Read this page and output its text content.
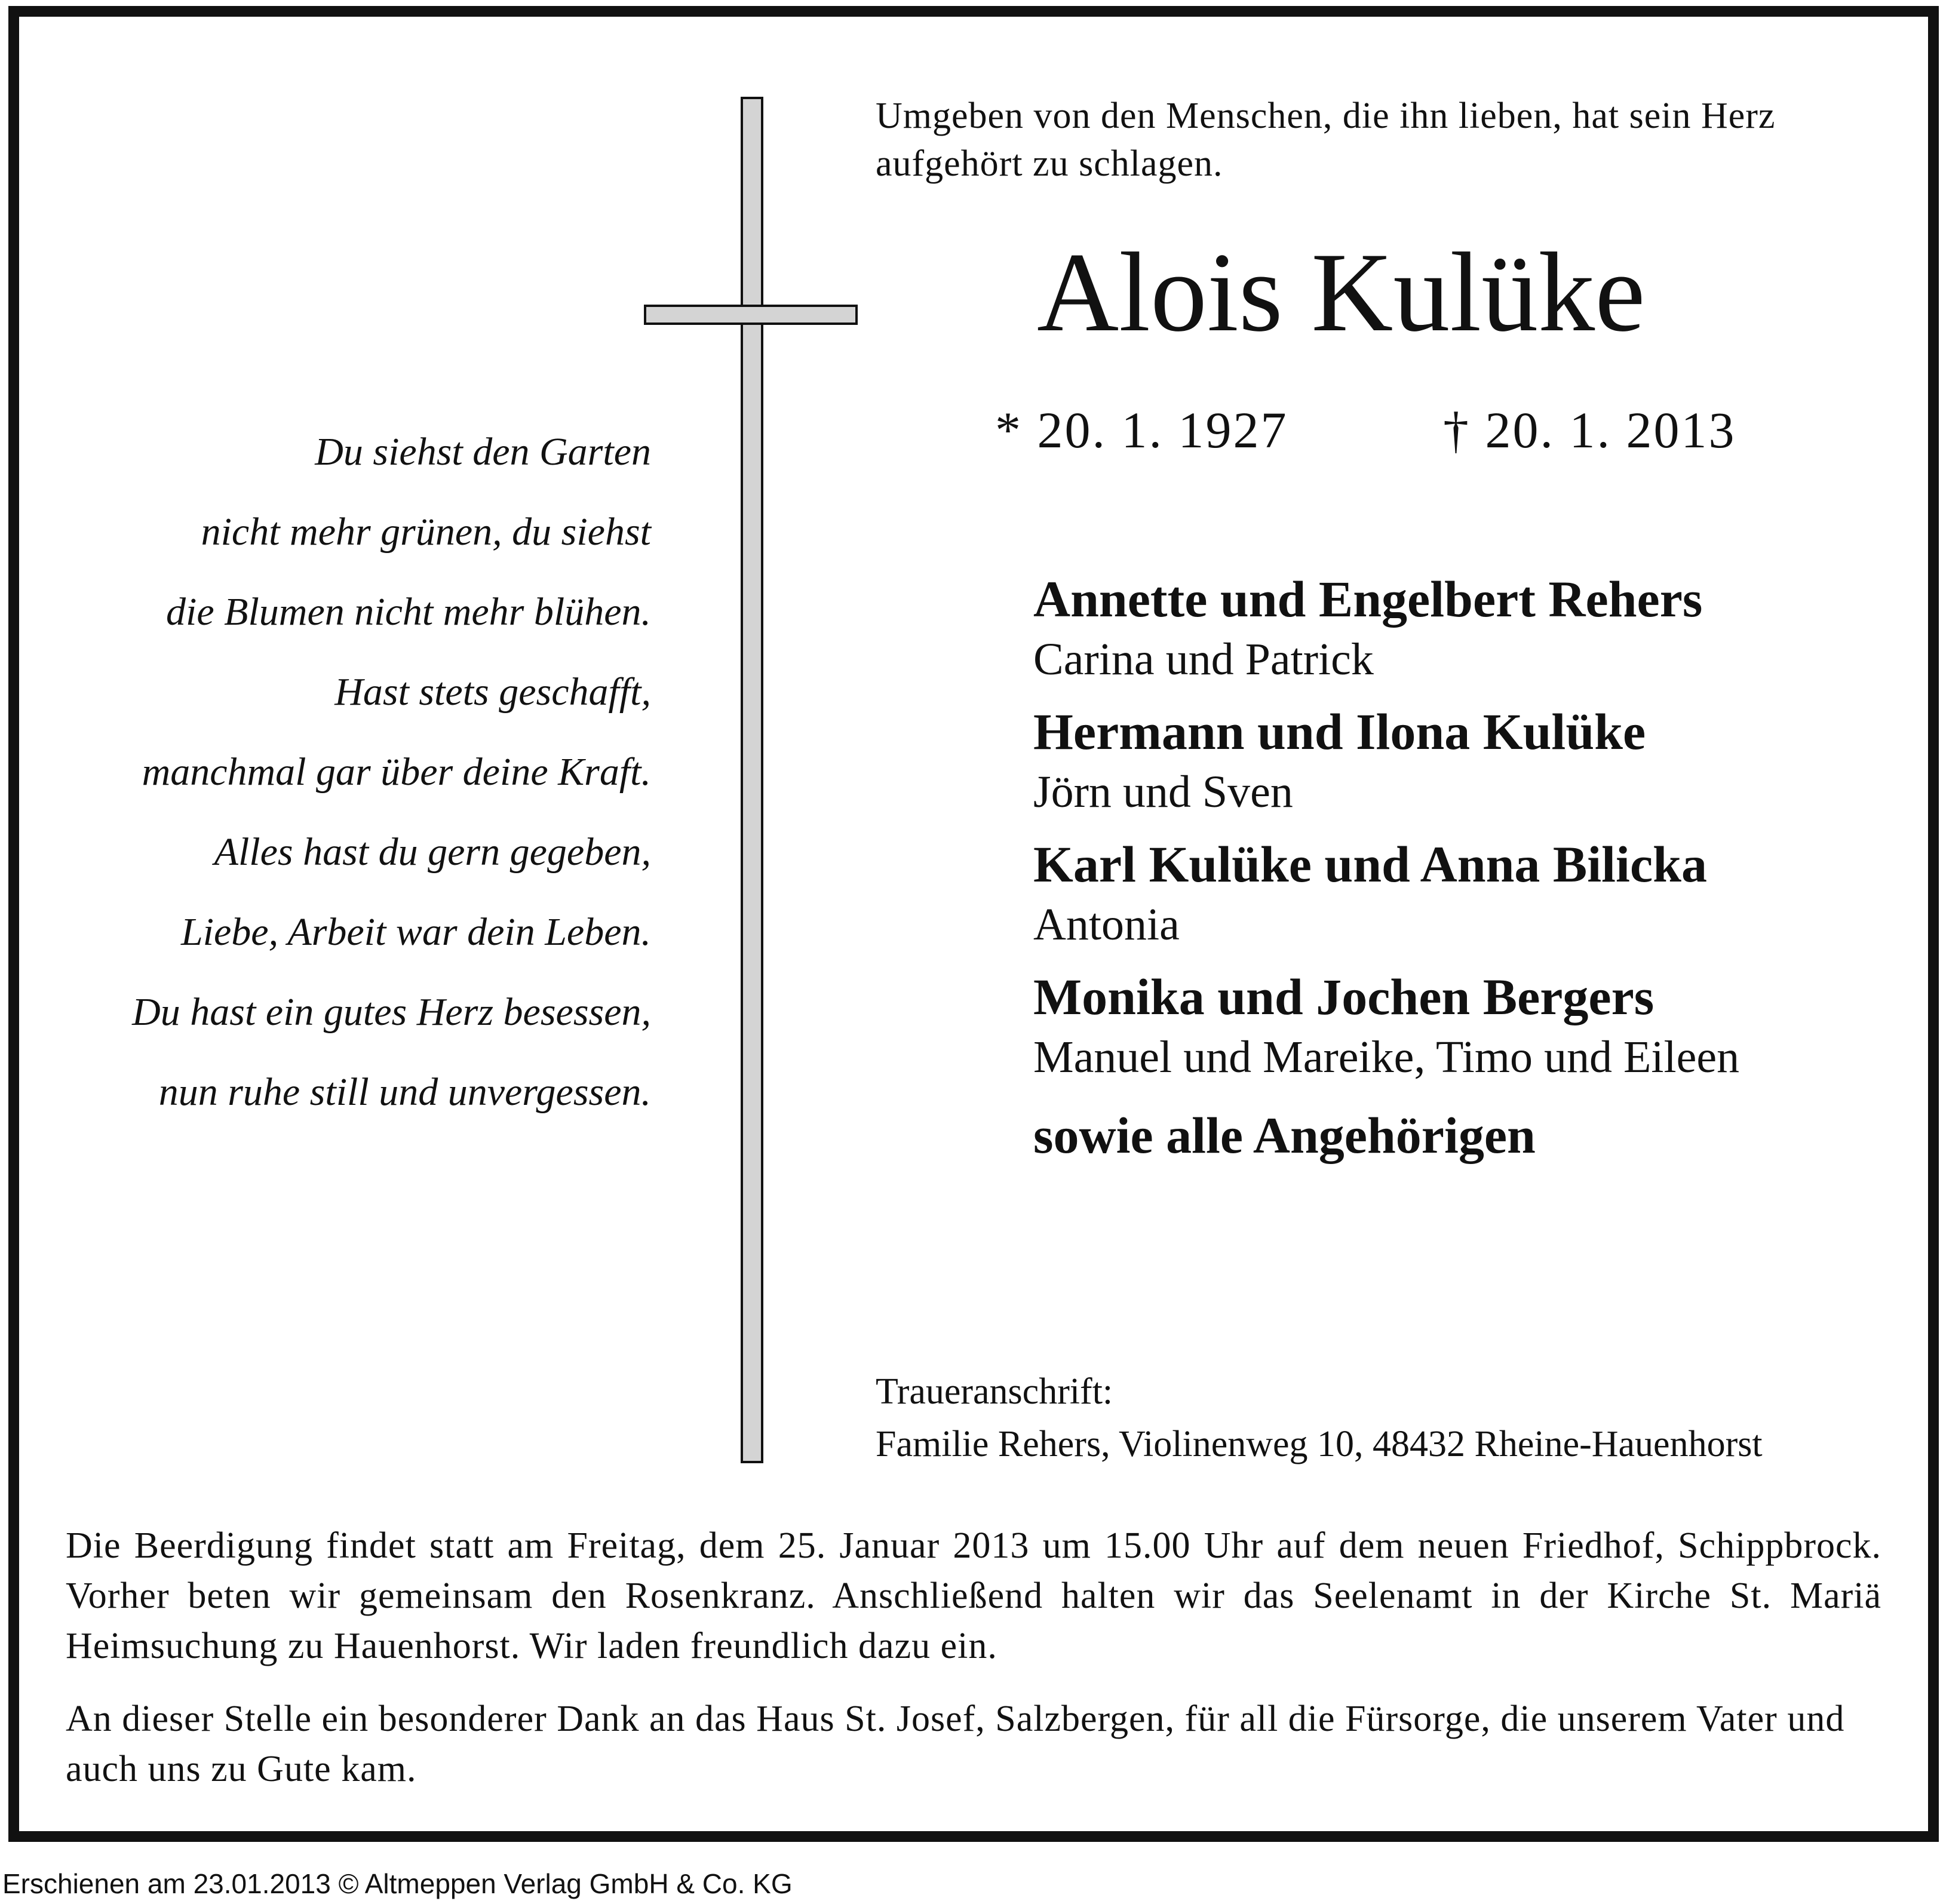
Umgeben von den Menschen, die ihn lieben, hat sein Herz aufgehört zu schlagen.
Alois Kulüke
* 20. 1. 1927	† 20. 1. 2013
Du siehst den Garten
nicht mehr grünen, du siehst
die Blumen nicht mehr blühen.
Hast stets geschafft,
manchmal gar über deine Kraft.
Alles hast du gern gegeben,
Liebe, Arbeit war dein Leben.
Du hast ein gutes Herz besessen,
nun ruhe still und unvergessen.
Annette und Engelbert Rehers
Carina und Patrick
Hermann und Ilona Kulüke
Jörn und Sven
Karl Kulüke und Anna Bilicka
Antonia
Monika und Jochen Bergers
Manuel und Mareike, Timo und Eileen
sowie alle Angehörigen
Traueranschrift:
Familie Rehers, Violinenweg 10, 48432 Rheine-Hauenhorst
Die Beerdigung findet statt am Freitag, dem 25. Januar 2013 um 15.00 Uhr auf dem neuen Friedhof, Schippbrock. Vorher beten wir gemeinsam den Rosenkranz. Anschließend halten wir das Seelenamt in der Kirche St. Mariä Heimsuchung zu Hauenhorst. Wir laden freundlich dazu ein.
An dieser Stelle ein besonderer Dank an das Haus St. Josef, Salzbergen, für all die Fürsorge, die unserem Vater und auch uns zu Gute kam.
Erschienen am 23.01.2013 © Altmeppen Verlag GmbH & Co. KG
